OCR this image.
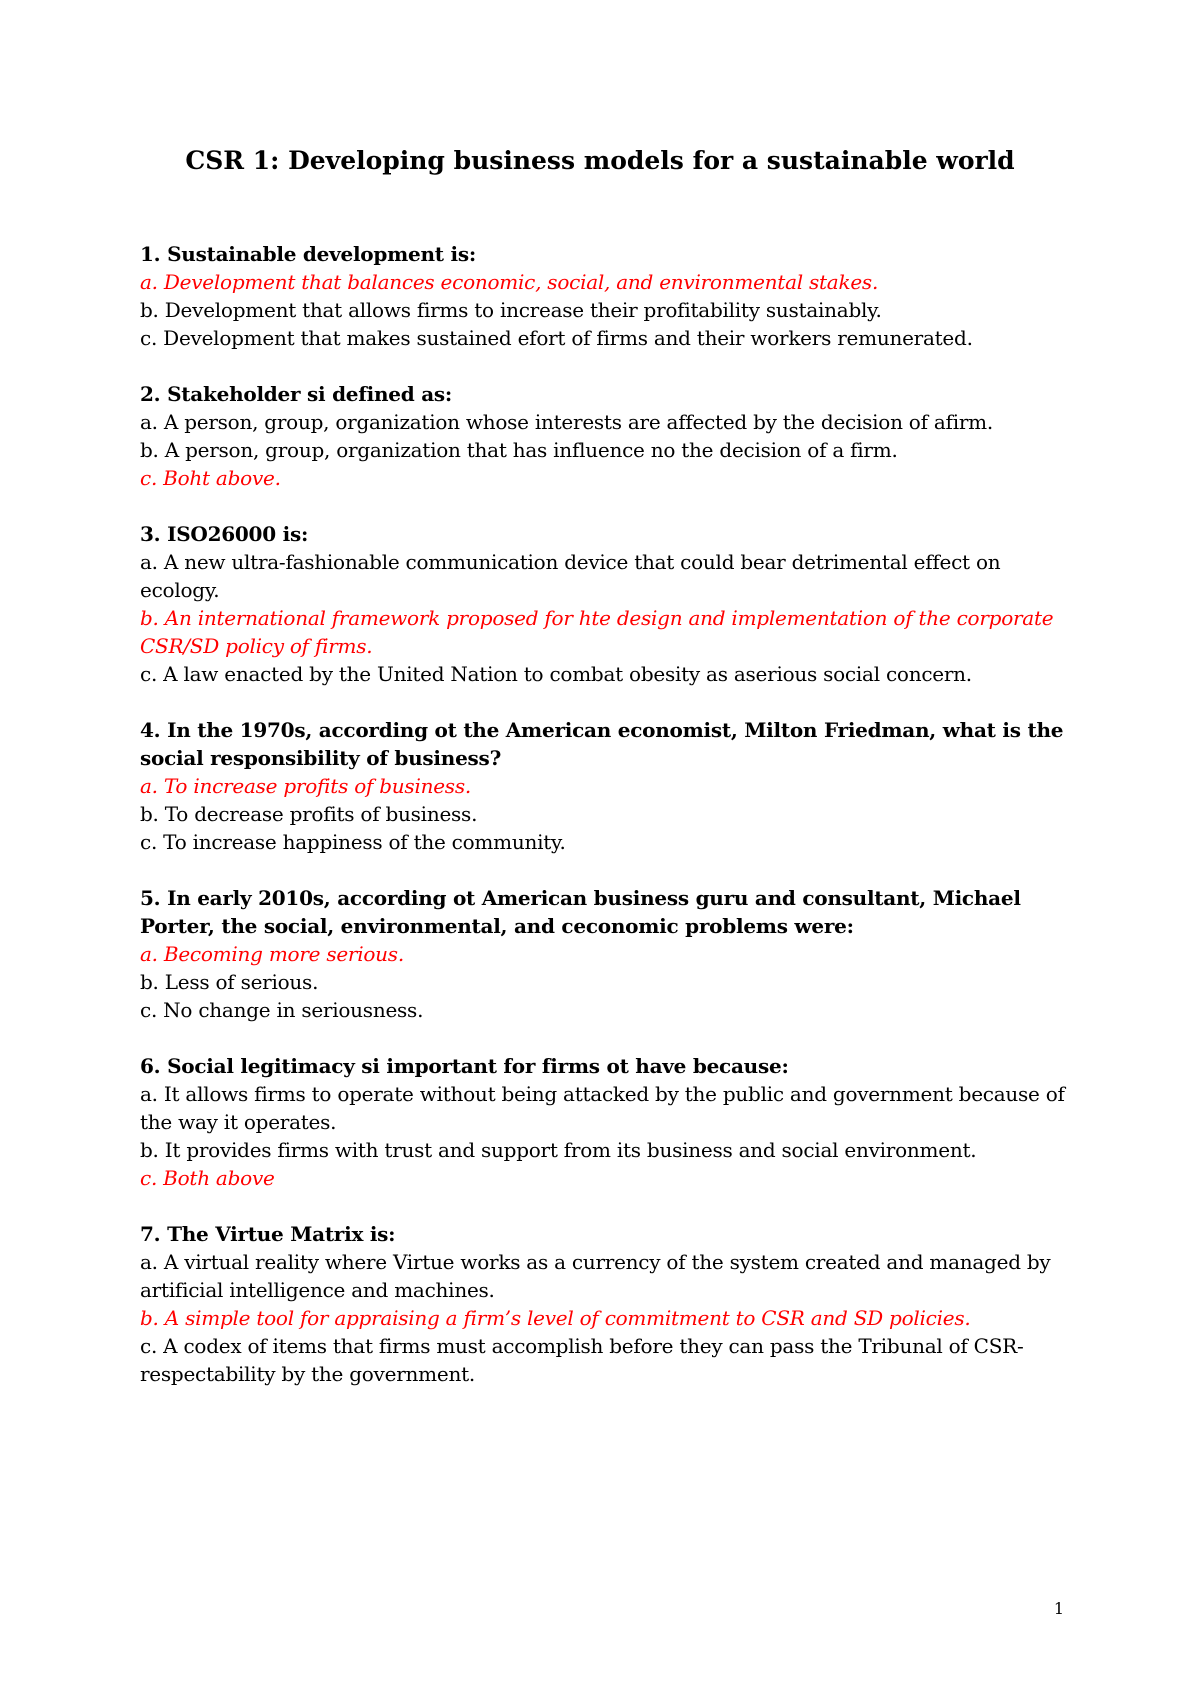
CSR 1: Developing business models for a sustainable world

1. Sustainable development is:

a. Development that balances economic, social, and environmental stakes.

b. Development that allows firms to increase their profitability sustainably.

c. Development that makes sustained efort of firms and their workers remunerated.

2. Stakeholder si defined as:

a. A person, group, organization whose interests are affected by the decision of afirm.

b. A person, group, organization that has influence no the decision of a firm.

c. Boht above.

3. ISO26000 is:

a. A new ultra-fashionable communication device that could bear detrimental effect on ecology.

b. An international framework proposed for hte design and implementation of the corporate CSR/SD policy of firms.

c. A law enacted by the United Nation to combat obesity as aserious social concern.

4. In the 1970s, according ot the American economist, Milton Friedman, what is the social responsibility of business?

a. To increase profits of business.

b. To decrease profits of business.

c. To increase happiness of the community.

5. In early 2010s, according ot American business guru and consultant, Michael Porter, the social, environmental, and ceconomic problems were:

a. Becoming more serious.

b. Less of serious.

c. No change in seriousness.

6. Social legitimacy si important for firms ot have because:

a. It allows firms to operate without being attacked by the public and government because of the way it operates.

b. It provides firms with trust and support from its business and social environment.

c. Both above

7. The Virtue Matrix is:

a. A virtual reality where Virtue works as a currency of the system created and managed by artificial intelligence and machines.

b. A simple tool for appraising a firm’s level of commitment to CSR and SD policies.

c. A codex of items that firms must accomplish before they can pass the Tribunal of CSR-respectability by the government.

1
